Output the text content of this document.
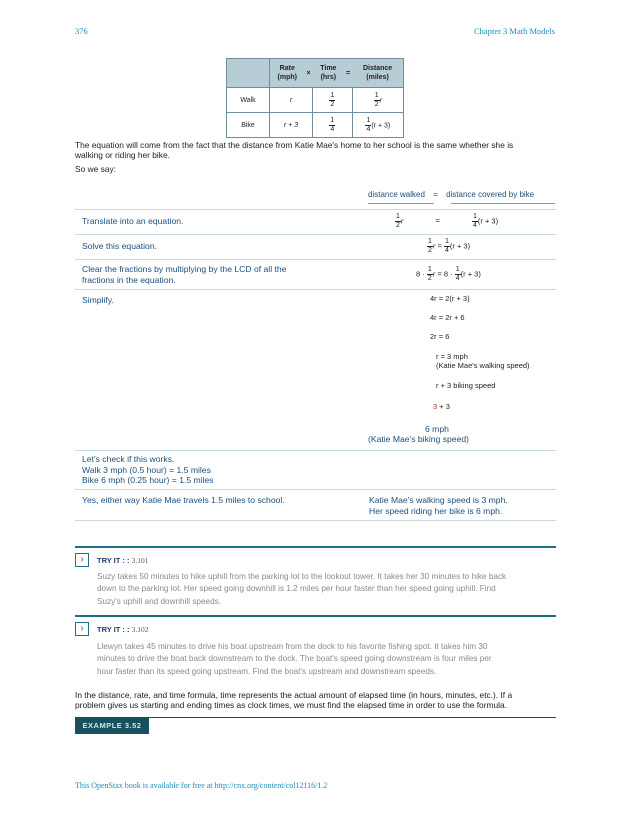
376	Chapter 3 Math Models
	Rate (mph)	×	Time (hrs)	=	Distance (miles)
Walk	r		$\frac{1}{2}$		$\frac{1}{2}$ r
Bike	r + 3		$\frac{1}{4}$		$\frac{1}{4} (r + 3)$
The equation will come from the fact that the distance from Katie Mae's home to her school is the same whether she is
walking or riding her bike.
So we say:
distance walked = distance covered by bike
Translate into an equation.	$\frac{1}{2}$ r	=	$\frac{1}{4} (r + 3)$
Solve this equation.	$\frac{1}{2}$ $r = \frac{1}{4} (r + 3)$
Clear the fractions by multiplying by the LCD of all the
fractions in the equation.
$8 \cdot \frac{1}{2}$ $r = 8 \cdot \frac{1}{4} (r + 3)$
Simplify.	4r = 2(r + 3)
4r = 2r + 6
2r = 6
r = 3 mph
(Katie Mae's walking speed)
r + 3 biking speed
3 + 3
6 mph
(Katie Mae's biking speed)
Let's check if this works.
Walk 3 mph (0.5 hour) = 1.5 miles
Bike 6 mph (0.25 hour) = 1.5 miles
Yes, either way Katie Mae travels 1.5 miles to school.	Katie Mae's walking speed is 3 mph.
Her speed riding her bike is 6 mph.
›	TRY IT : : 3.101
Suzy takes 50 minutes to hike uphill from the parking lot to the lookout tower. It takes her 30 minutes to hike back
down to the parking lot. Her speed going downhill is 1.2 miles per hour faster than her speed going uphill. Find
Suzy's uphill and downhill speeds.
›	TRY IT : : 3.102
Llewyn takes 45 minutes to drive his boat upstream from the dock to his favorite fishing spot. It takes him 30
minutes to drive the boat back downstream to the dock. The boat's speed going downstream is four miles per
hour faster than its speed going upstream. Find the boat's upstream and downstream speeds.
In the distance, rate, and time formula, time represents the actual amount of elapsed time (in hours, minutes, etc.). If a
problem gives us starting and ending times as clock times, we must find the elapsed time in order to use the formula.
EXAMPLE 3.52
This OpenStax book is available for free at http://cnx.org/content/col12116/1.2
